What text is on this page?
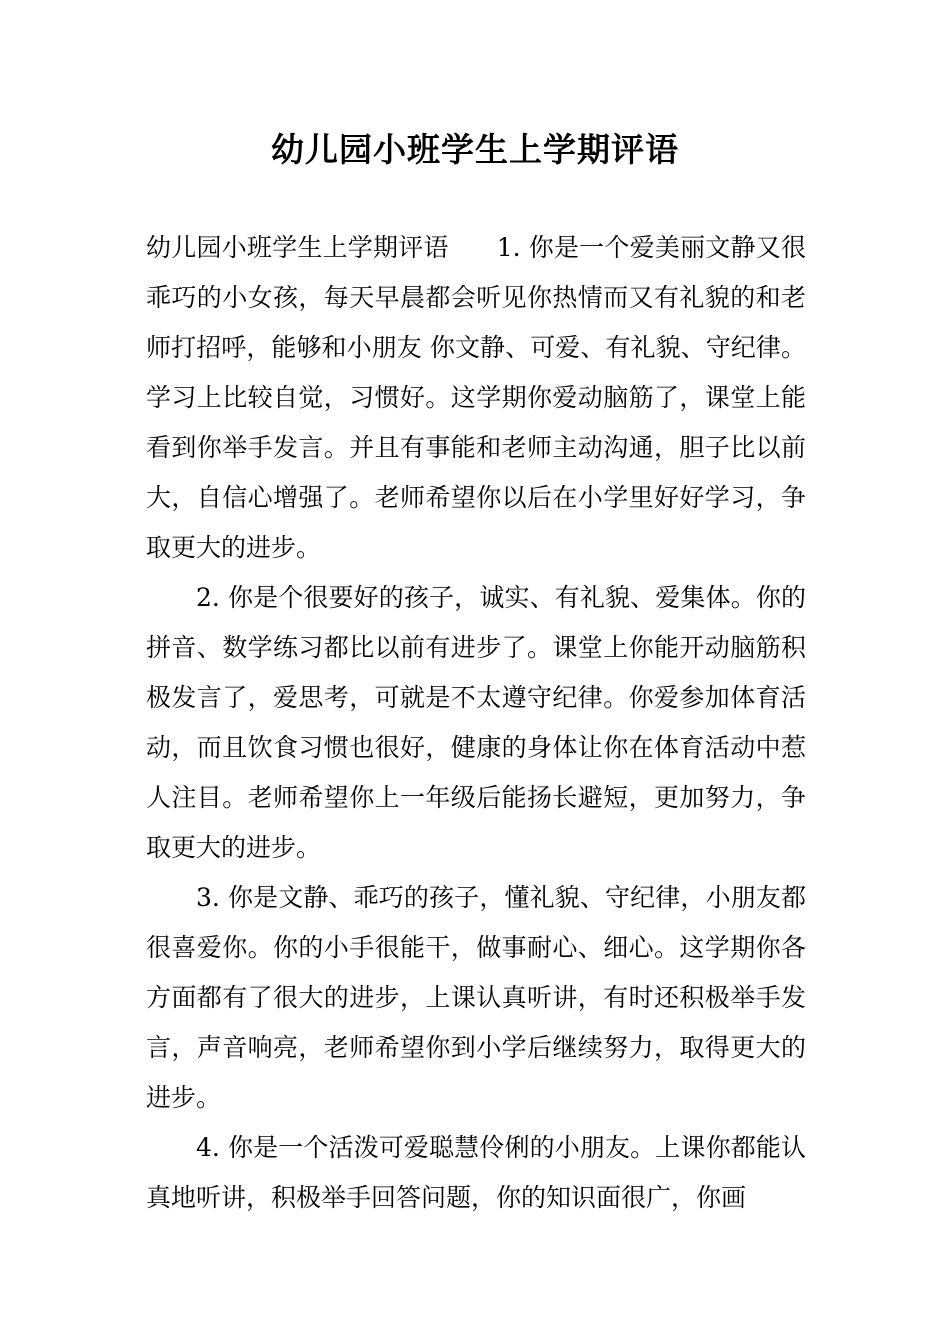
幼儿园小班学生上学期评语

幼儿园小班学生上学期评语 1. 你是一个爱美丽文静又很乖巧的小女孩，每天早晨都会听见你热情而又有礼貌的和老师打招呼，能够和小朋友 你文静、可爱、有礼貌、守纪律。学习上比较自觉，习惯好。这学期你爱动脑筋了，课堂上能看到你举手发言。并且有事能和老师主动沟通，胆子比以前大，自信心增强了。老师希望你以后在小学里好好学习，争取更大的进步。

2. 你是个很要好的孩子，诚实、有礼貌、爱集体。你的拼音、数学练习都比以前有进步了。课堂上你能开动脑筋积极发言了，爱思考，可就是不太遵守纪律。你爱参加体育活动，而且饮食习惯也很好，健康的身体让你在体育活动中惹人注目。老师希望你上一年级后能扬长避短，更加努力，争取更大的进步。

3. 你是文静、乖巧的孩子，懂礼貌、守纪律，小朋友都很喜爱你。你的小手很能干，做事耐心、细心。这学期你各方面都有了很大的进步，上课认真听讲，有时还积极举手发言，声音响亮，老师希望你到小学后继续努力，取得更大的进步。

4. 你是一个活泼可爱聪慧伶俐的小朋友。上课你都能认真地听讲，积极举手回答问题，你的知识面很广，你画
